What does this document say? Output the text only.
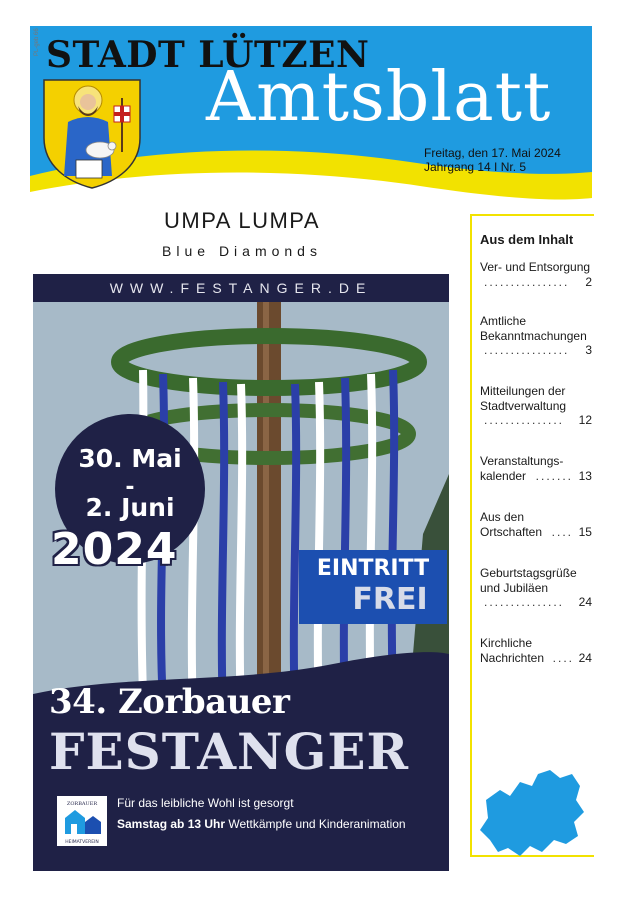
STADT LÜTZEN
Amtsblatt
Freitag, den 17. Mai 2024
Jahrgang 14 I Nr. 5
PL-geb 66
UMPA LUMPA
Blue Diamonds
WWW.FESTANGER.DE
30. Mai
-
2. Juni
2024	EINTRITT
FREI
34. Zorbauer
FESTANGER
ZORBAUER
HEIMATVEREIN
Für das leibliche Wohl ist gesorgt
Samstag ab 13 Uhr Wettkämpfe und Kinderanimation
Aus dem Inhalt
Ver- und Entsorgung
................ 2
Amtliche
Bekanntmachungen
................ 3
Mitteilungen der
Stadtverwaltung
............... 12
Veranstaltungs-
kalender ....... 13
Aus den
Ortschaften .... 15
Geburtstagsgrüße
und Jubiläen
............... 24
Kirchliche
Nachrichten .... 24
